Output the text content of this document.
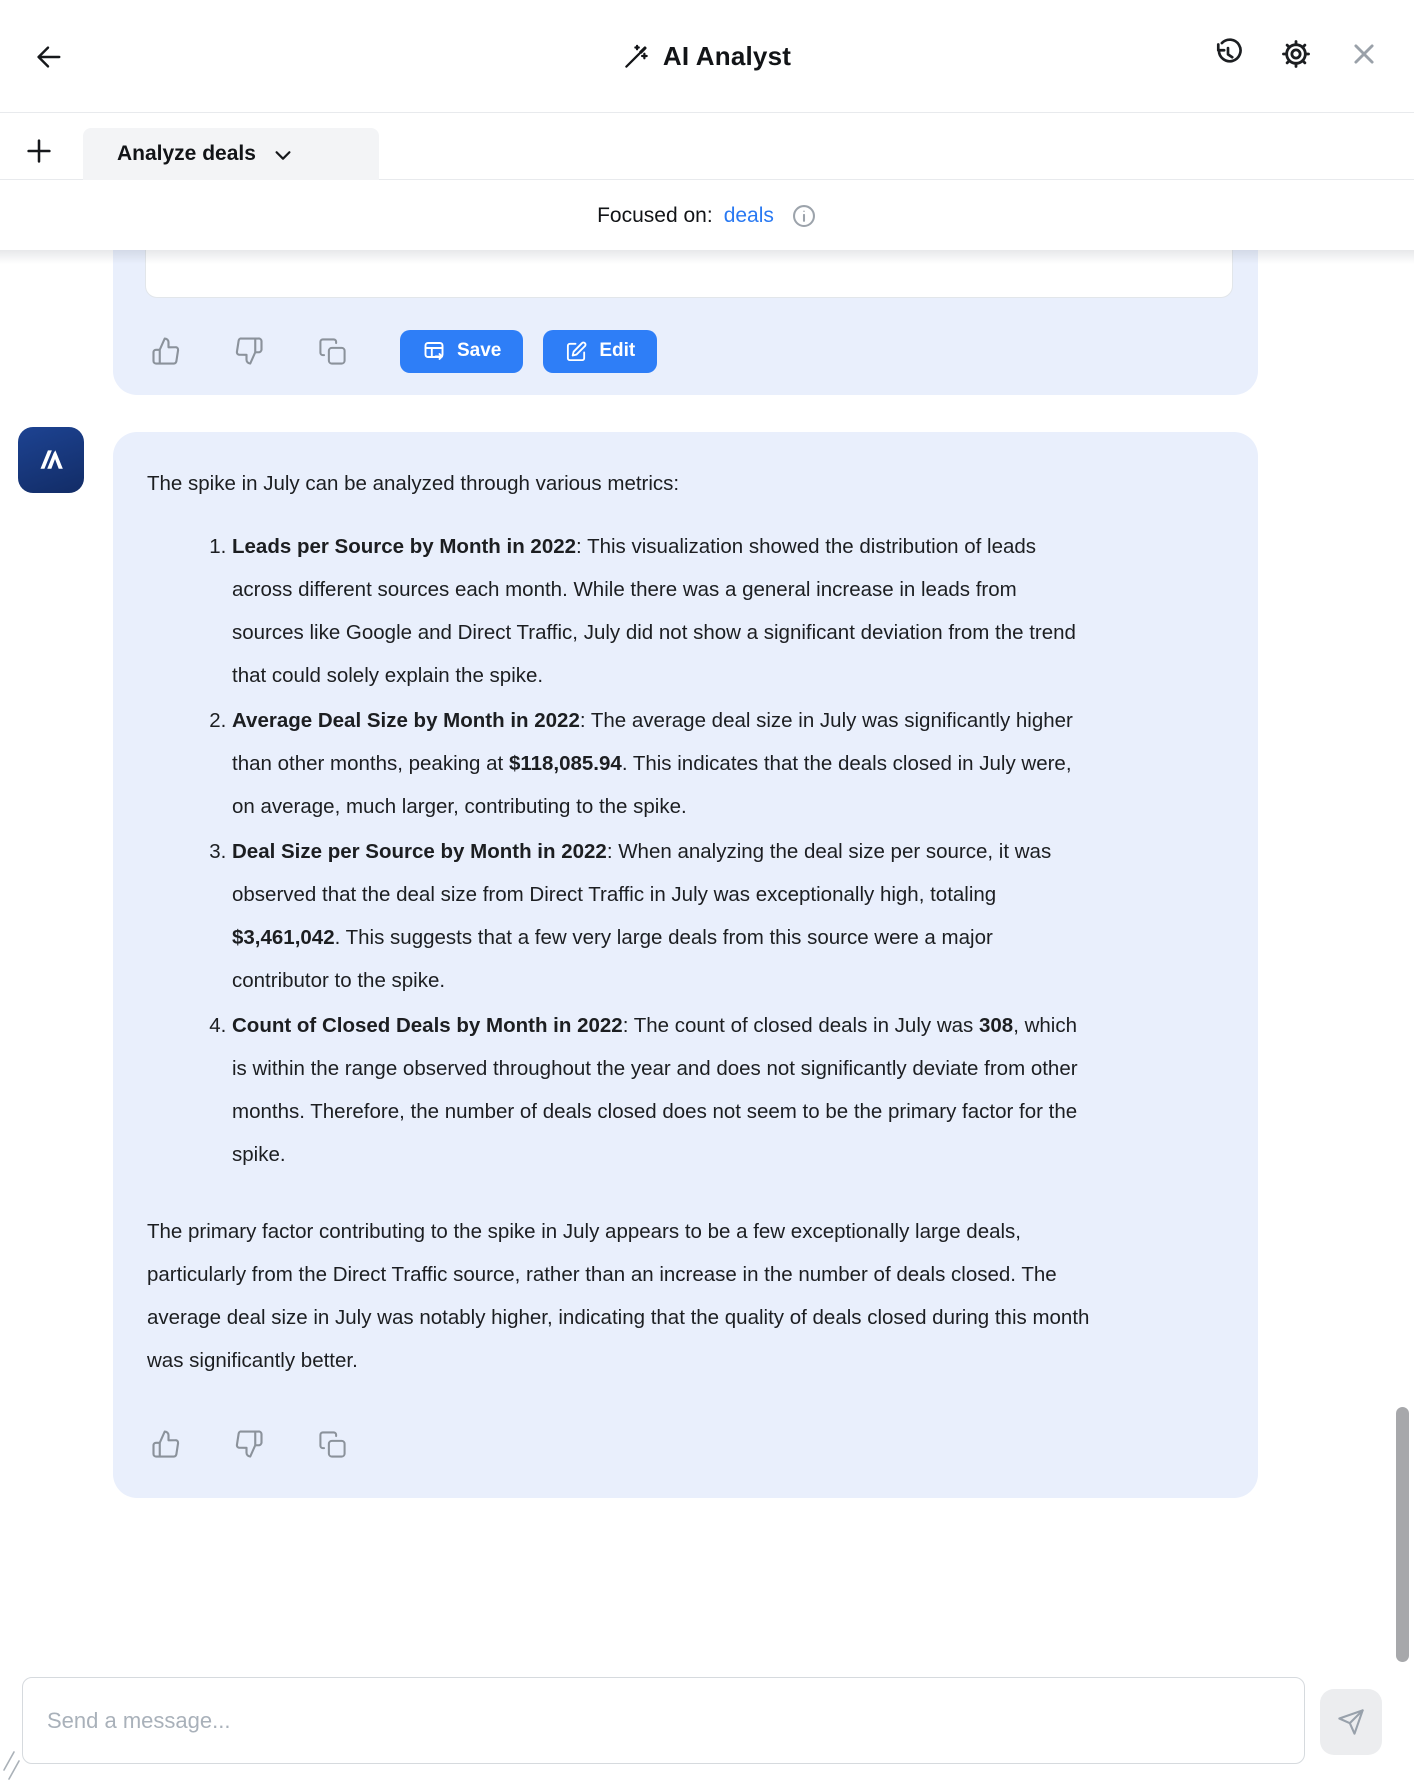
AI Analyst
Analyze deals
Focused on: deals
Save	Edit

The spike in July can be analyzed through various metrics:

1. Leads per Source by Month in 2022: This visualization showed the distribution of leads across different sources each month. While there was a general increase in leads from sources like Google and Direct Traffic, July did not show a significant deviation from the trend that could solely explain the spike.
2. Average Deal Size by Month in 2022: The average deal size in July was significantly higher than other months, peaking at $118,085.94. This indicates that the deals closed in July were, on average, much larger, contributing to the spike.
3. Deal Size per Source by Month in 2022: When analyzing the deal size per source, it was observed that the deal size from Direct Traffic in July was exceptionally high, totaling $3,461,042. This suggests that a few very large deals from this source were a major contributor to the spike.
4. Count of Closed Deals by Month in 2022: The count of closed deals in July was 308, which is within the range observed throughout the year and does not significantly deviate from other months. Therefore, the number of deals closed does not seem to be the primary factor for the spike.

The primary factor contributing to the spike in July appears to be a few exceptionally large deals, particularly from the Direct Traffic source, rather than an increase in the number of deals closed. The average deal size in July was notably higher, indicating that the quality of deals closed during this month was significantly better.

Send a message...
